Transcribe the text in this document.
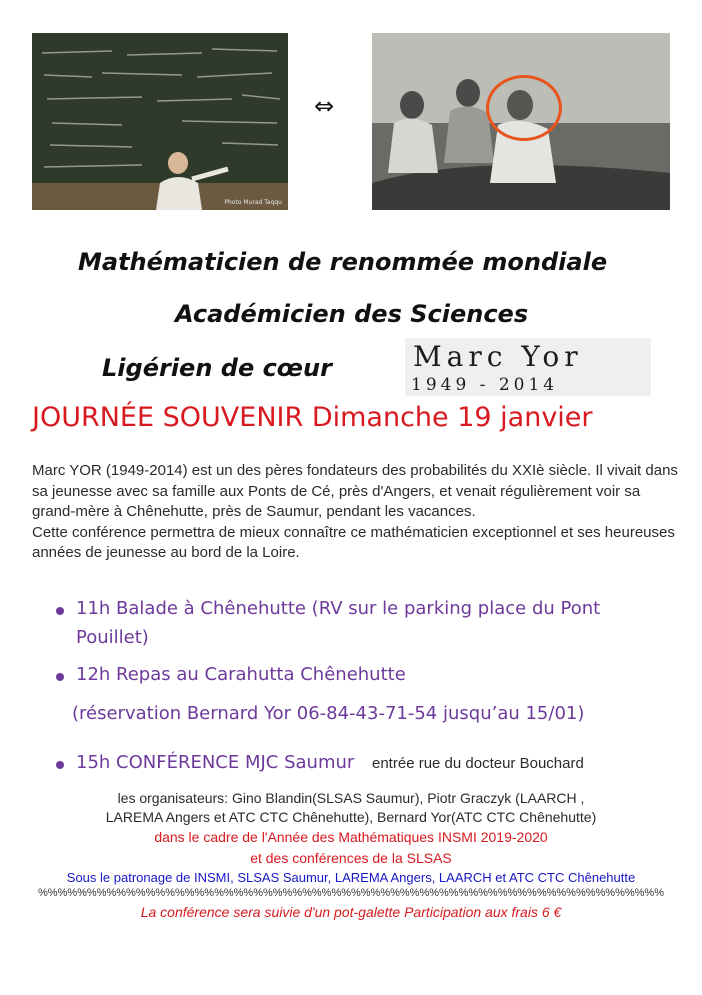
Photo Murad Taqqu
⇔
Mathématicien de renommée mondiale
Académicien des Sciences
Ligérien de cœur	Marc Yor
1949 - 2014
JOURNÉE SOUVENIR Dimanche 19 janvier

Marc YOR (1949-2014) est un des pères fondateurs des probabilités du XXIè siècle. Il vivait dans sa jeunesse avec sa famille aux Ponts de Cé, près d'Angers, et venait régulièrement voir sa grand-mère à Chênehutte, près de Saumur, pendant les vacances.

Cette conférence permettra de mieux connaître ce mathématicien exceptionnel et ses heureuses années de jeunesse au bord de la Loire.

11h Balade à Chênehutte (RV sur le parking place du Pont
Pouillet)
12h Repas au Carahutta Chênehutte
(réservation Bernard Yor 06-84-43-71-54 jusqu’au 15/01)
15h CONFÉRENCE MJC Saumur entrée rue du docteur Bouchard
les organisateurs: Gino Blandin(SLSAS Saumur), Piotr Graczyk (LAARCH ,
LAREMA Angers et ATC CTC Chênehutte), Bernard Yor(ATC CTC Chênehutte)
dans le cadre de l'Année des Mathématiques INSMI 2019-2020
et des conférences de la SLSAS
Sous le patronage de INSMI, SLSAS Saumur, LAREMA Angers, LAARCH et ATC CTC Chênehutte
%%%%%%%%%%%%%%%%%%%%%%%%%%%%%%%%%%%%%%%%%%%%%%%%%%%%%%%%%%%%%%%%
La conférence sera suivie d'un pot-galette Participation aux frais 6 €
